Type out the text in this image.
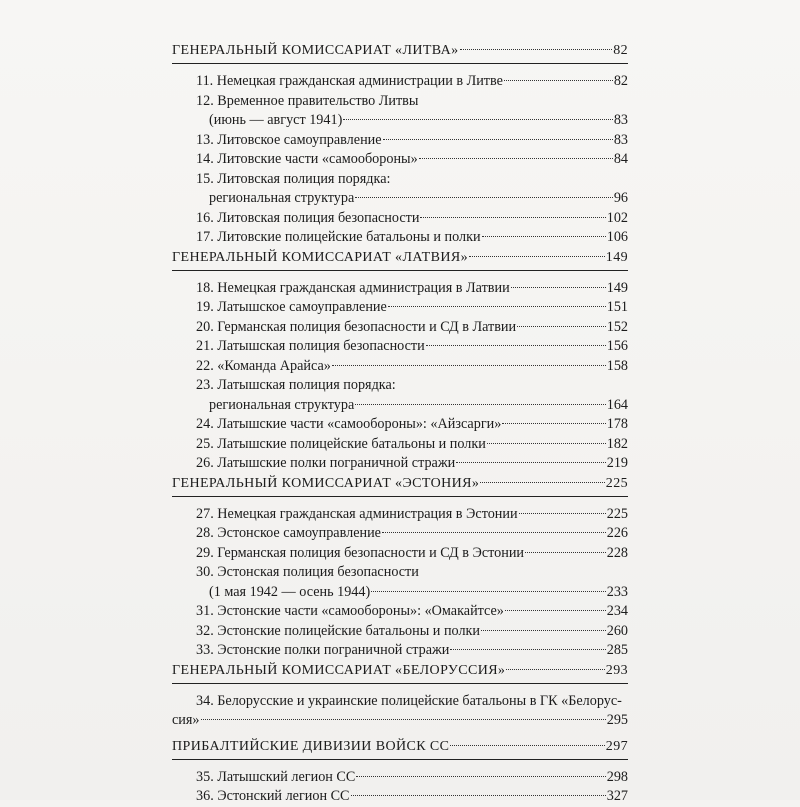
ГЕНЕРАЛЬНЫЙ КОМИССАРИАТ «ЛИТВА»	82
11. Немецкая гражданская администрации в Литве	82
12. Временное правительство Литвы
(июнь — август 1941)	83
13. Литовское самоуправление	83
14. Литовские части «самообороны»	84
15. Литовская полиция порядка:
региональная структура	96
16. Литовская полиция безопасности	102
17. Литовские полицейские батальоны и полки	106
ГЕНЕРАЛЬНЫЙ КОМИССАРИАТ «ЛАТВИЯ»	149
18. Немецкая гражданская администрация в Латвии	149
19. Латышское самоуправление	151
20. Германская полиция безопасности и СД в Латвии	152
21. Латышская полиция безопасности	156
22. «Команда Арайса»	158
23. Латышская полиция порядка:
региональная структура	164
24. Латышские части «самообороны»: «Айзсарги»	178
25. Латышские полицейские батальоны и полки	182
26. Латышские полки пограничной стражи	219
ГЕНЕРАЛЬНЫЙ КОМИССАРИАТ «ЭСТОНИЯ»	225
27. Немецкая гражданская администрация в Эстонии	225
28. Эстонское самоуправление	226
29. Германская полиция безопасности и СД в Эстонии	228
30. Эстонская полиция безопасности
(1 мая 1942 — осень 1944)	233
31. Эстонские части «самообороны»: «Омакайтсе»	234
32. Эстонские полицейские батальоны и полки	260
33. Эстонские полки пограничной стражи	285
ГЕНЕРАЛЬНЫЙ КОМИССАРИАТ «БЕЛОРУССИЯ»	293
34. Белорусские и украинские полицейские батальоны в ГК «Белорус-
сия»	295
ПРИБАЛТИЙСКИЕ ДИВИЗИИ ВОЙСК СС	297
35. Латышский легион СС	298
36. Эстонский легион СС	327
